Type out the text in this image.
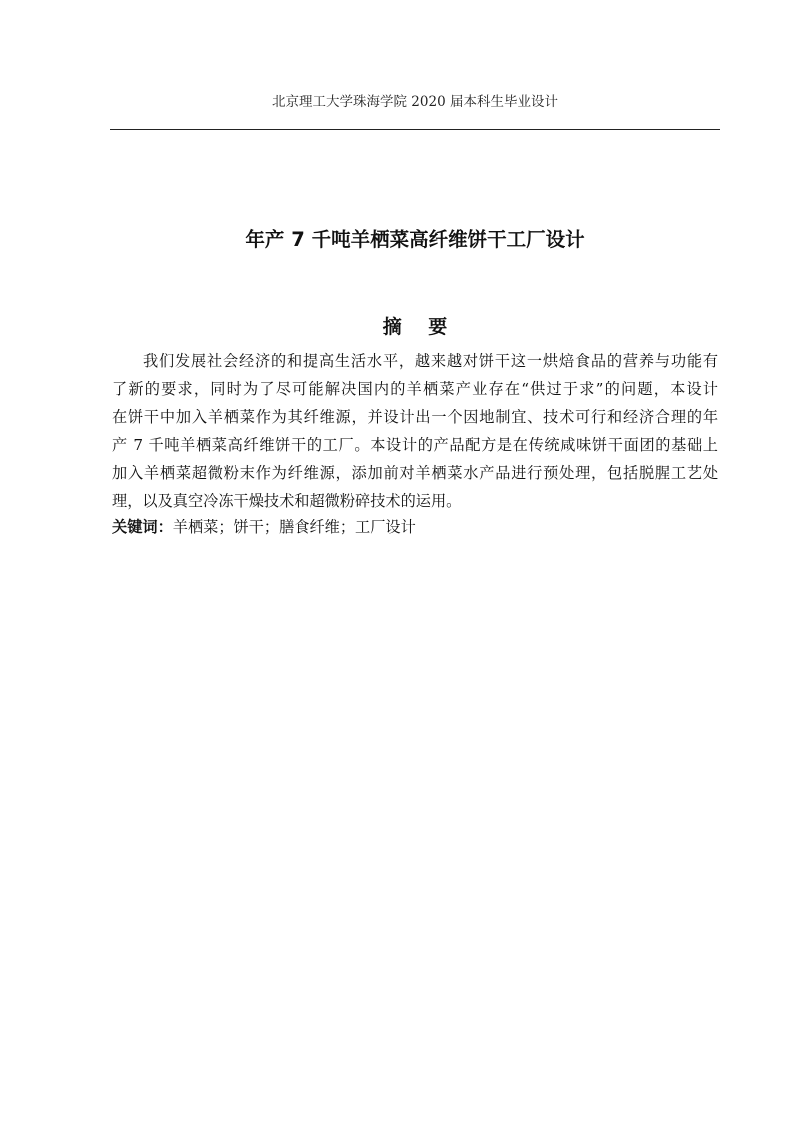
北京理工大学珠海学院 2020 届本科生毕业设计
年产 7 千吨羊栖菜高纤维饼干工厂设计
摘要
我们发展社会经济的和提高生活水平，越来越对饼干这一烘焙食品的营养与功能有
了新的要求，同时为了尽可能解决国内的羊栖菜产业存在“供过于求”的问题，本设计
在饼干中加入羊栖菜作为其纤维源，并设计出一个因地制宜、技术可行和经济合理的年
产 7 千吨羊栖菜高纤维饼干的工厂。本设计的产品配方是在传统咸味饼干面团的基础上
加入羊栖菜超微粉末作为纤维源，添加前对羊栖菜水产品进行预处理，包括脱腥工艺处
理，以及真空冷冻干燥技术和超微粉碎技术的运用。
关键词：羊栖菜；饼干；膳食纤维；工厂设计
